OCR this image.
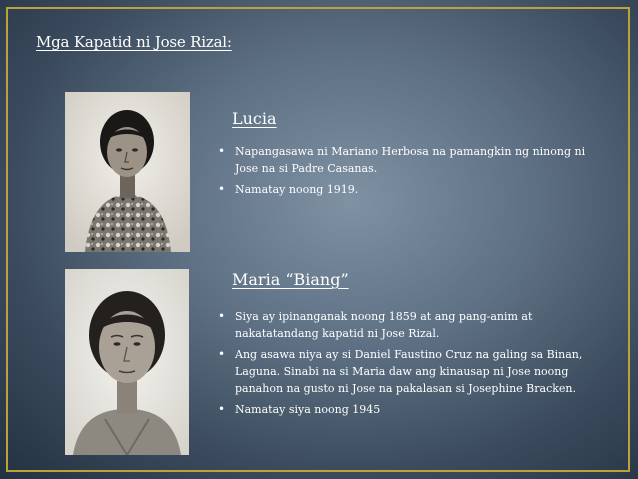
Mga Kapatid ni Jose Rizal:
Lucia
• Napangasawa ni Mariano Herbosa na pamangkin ng ninong ni Jose na si Padre Casanas.
• Namatay noong 1919.
Maria “Biang”
• Siya ay ipinanganak noong 1859 at ang pang-anim at nakatatandang kapatid ni Jose Rizal.
• Ang asawa niya ay si Daniel Faustino Cruz na galing sa Binan, Laguna. Sinabi na si Maria daw ang kinausap ni Jose noong panahon na gusto ni Jose na pakalasan si Josephine Bracken.
• Namatay siya noong 1945
